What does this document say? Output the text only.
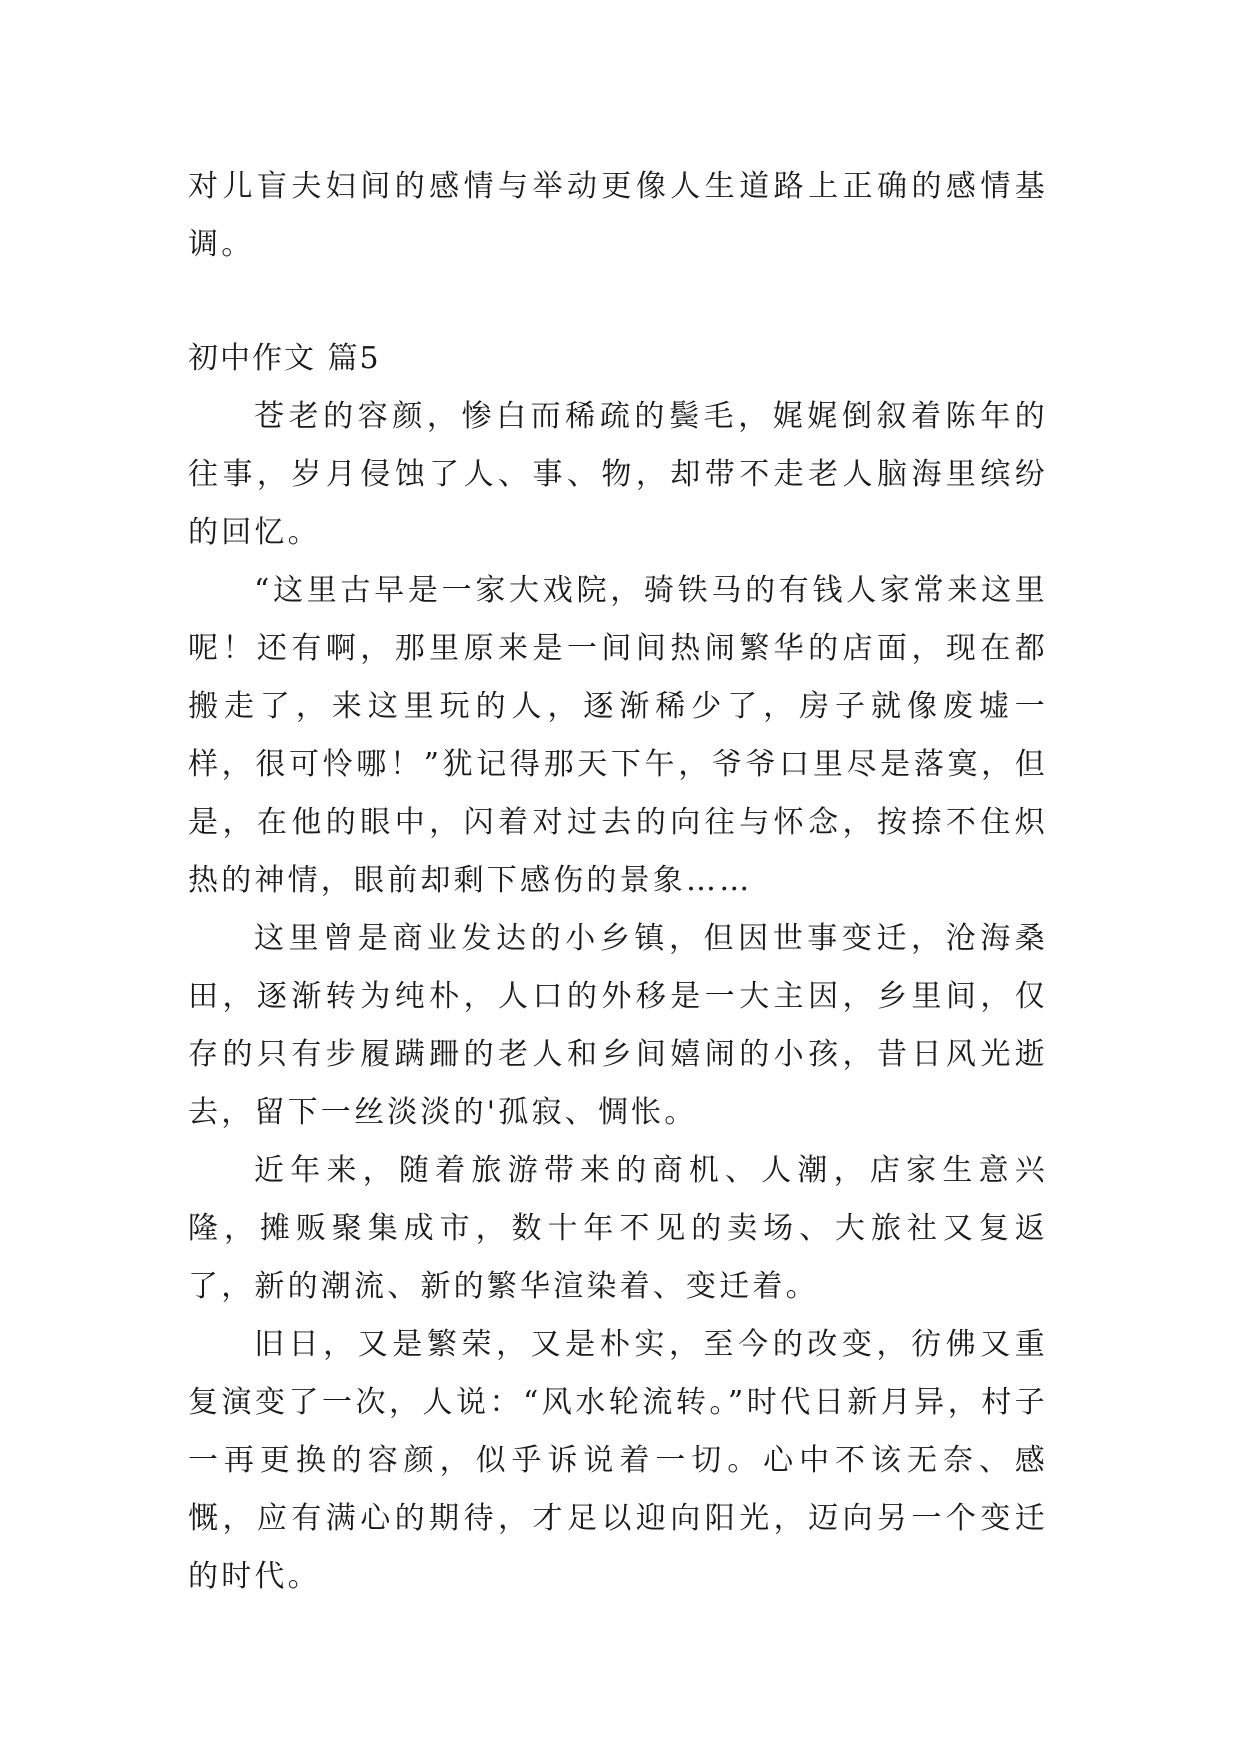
对儿盲夫妇间的感情与举动更像人生道路上正确的感情基调。

初中作文 篇5

苍老的容颜，惨白而稀疏的鬓毛，娓娓倒叙着陈年的往事，岁月侵蚀了人、事、物，却带不走老人脑海里缤纷的回忆。

“这里古早是一家大戏院，骑铁马的有钱人家常来这里呢！还有啊，那里原来是一间间热闹繁华的店面，现在都搬走了，来这里玩的人，逐渐稀少了，房子就像废墟一样，很可怜哪！”犹记得那天下午，爷爷口里尽是落寞，但是，在他的眼中，闪着对过去的向往与怀念，按捺不住炽热的神情，眼前却剩下感伤的景象……

这里曾是商业发达的小乡镇，但因世事变迁，沧海桑田，逐渐转为纯朴，人口的外移是一大主因，乡里间，仅存的只有步履蹒跚的老人和乡间嬉闹的小孩，昔日风光逝去，留下一丝淡淡的'孤寂、惆怅。

近年来，随着旅游带来的商机、人潮，店家生意兴隆，摊贩聚集成市，数十年不见的卖场、大旅社又复返了，新的潮流、新的繁华渲染着、变迁着。

旧日，又是繁荣，又是朴实，至今的改变，彷佛又重复演变了一次，人说：“风水轮流转。”时代日新月异，村子一再更换的容颜，似乎诉说着一切。心中不该无奈、感慨，应有满心的期待，才足以迎向阳光，迈向另一个变迁的时代。
